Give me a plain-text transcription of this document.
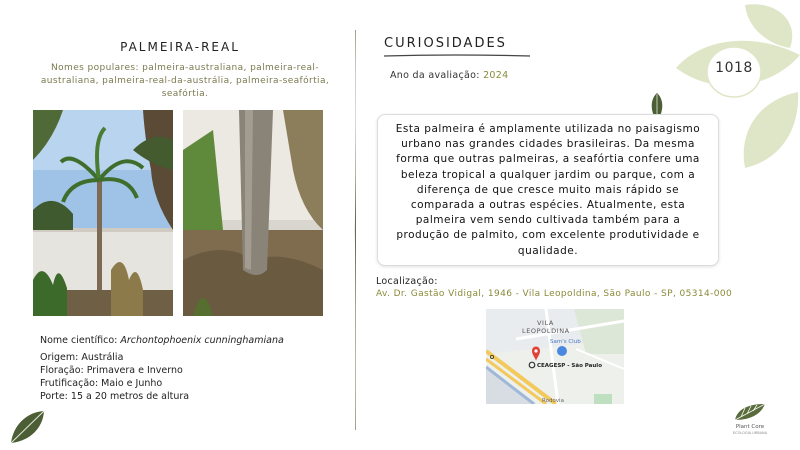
1018
PALMEIRA-REAL
Nomes populares: palmeira-australiana, palmeira-real-australiana, palmeira-real-da-austrália, palmeira-seafórtia, seafórtia.
Nome científico: Archontophoenix cunninghamiana
Origem: Austrália
Floração: Primavera e Inverno
Frutificação: Maio e Junho
Porte: 15 a 20 metros de altura
CURIOSIDADES
Ano da avaliação: 2024
Esta palmeira é amplamente utilizada no paisagismo urbano nas grandes cidades brasileiras. Da mesma forma que outras palmeiras, a seafórtia confere uma beleza tropical a qualquer jardim ou parque, com a diferença de que cresce muito mais rápido se comparada a outras espécies. Atualmente, esta palmeira vem sendo cultivada também para a produção de palmito, com excelente produtividade e qualidade.
Localização:
Av. Dr. Gastão Vidigal, 1946 - Vila Leopoldina, São Paulo - SP, 05314-000
VILA
LEOPOLDINA
Sam's Club
CEAGESP - São Paulo
Rodovia
Plant Core
ECOLOGIA URBANA
